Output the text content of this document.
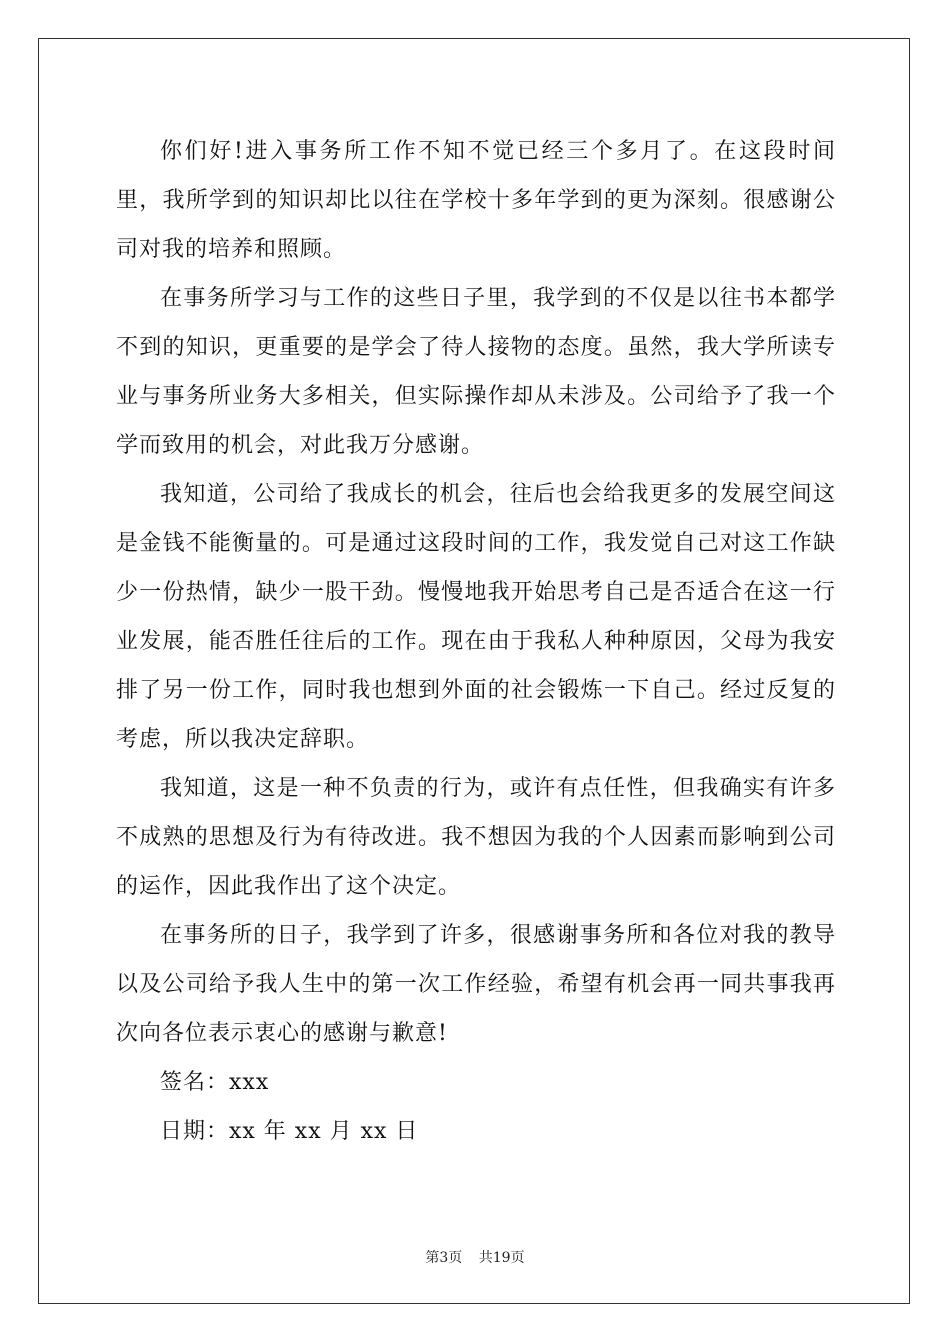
你们好!进入事务所工作不知不觉已经三个多月了。在这段时间里，我所学到的知识却比以往在学校十多年学到的更为深刻。很感谢公司对我的培养和照顾。

在事务所学习与工作的这些日子里，我学到的不仅是以往书本都学不到的知识，更重要的是学会了待人接物的态度。虽然，我大学所读专业与事务所业务大多相关，但实际操作却从未涉及。公司给予了我一个学而致用的机会，对此我万分感谢。

我知道，公司给了我成长的机会，往后也会给我更多的发展空间这是金钱不能衡量的。可是通过这段时间的工作，我发觉自己对这工作缺少一份热情，缺少一股干劲。慢慢地我开始思考自己是否适合在这一行业发展，能否胜任往后的工作。现在由于我私人种种原因，父母为我安排了另一份工作，同时我也想到外面的社会锻炼一下自己。经过反复的考虑，所以我决定辞职。

我知道，这是一种不负责的行为，或许有点任性，但我确实有许多不成熟的思想及行为有待改进。我不想因为我的个人因素而影响到公司的运作，因此我作出了这个决定。

在事务所的日子，我学到了许多，很感谢事务所和各位对我的教导以及公司给予我人生中的第一次工作经验，希望有机会再一同共事我再次向各位表示衷心的感谢与歉意!

签名：xxx

日期：xx 年 xx 月 xx 日

第3页 共19页
